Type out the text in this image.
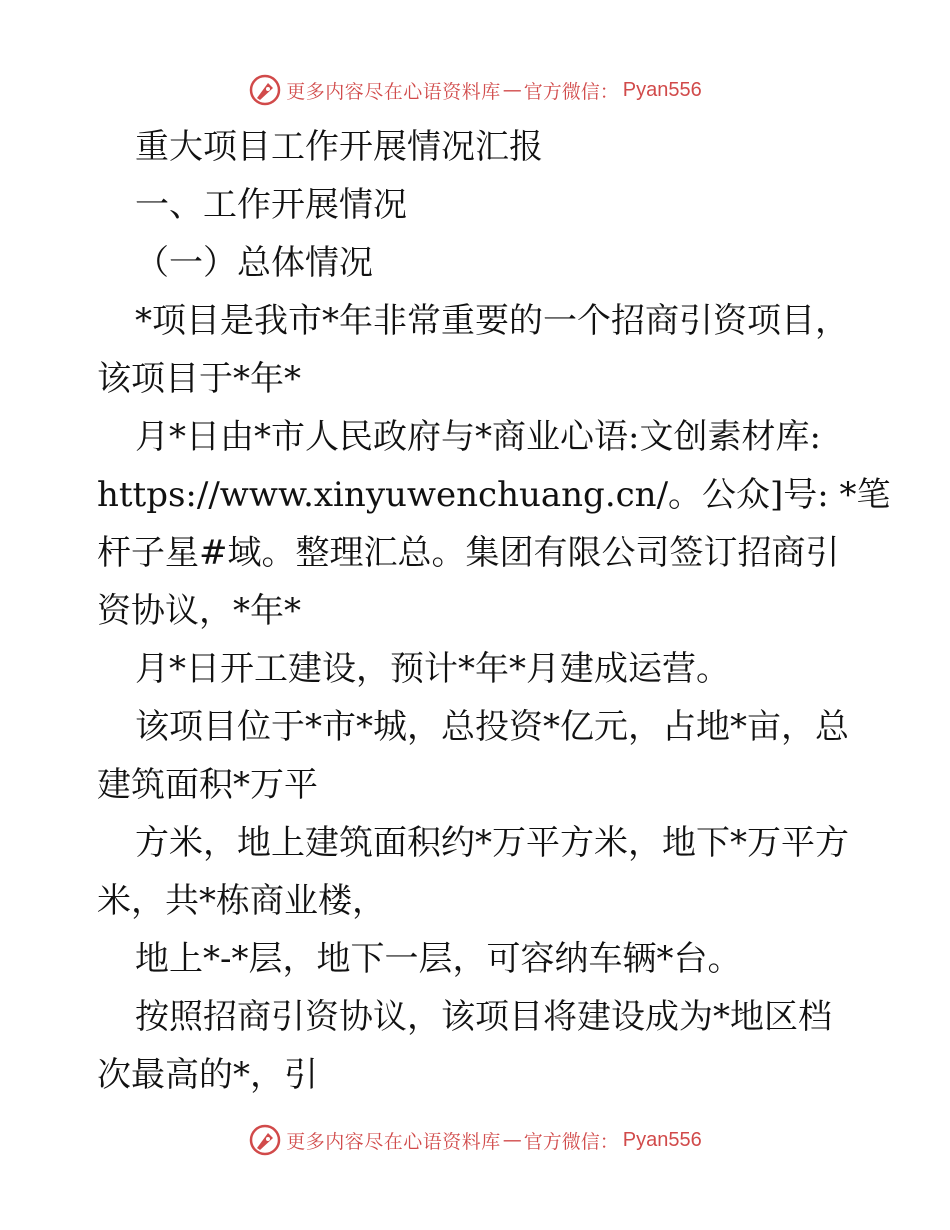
更多内容尽在心语资料库 — 官方微信： Pyan556
重大项目工作开展情况汇报
一、工作开展情况
（一）总体情况
*项目是我市*年非常重要的一个招商引资项目，
该项目于*年*
月*日由*市人民政府与*商业心语:文创素材库:
https://www.xinyuwenchuang.cn/。公众]号: *笔
杆子星#域。整理汇总。集团有限公司签订招商引
资协议，*年*
月*日开工建设，预计*年*月建成运营。
该项目位于*市*城，总投资*亿元，占地*亩，总
建筑面积*万平
方米，地上建筑面积约*万平方米，地下*万平方
米，共*栋商业楼，
地上*-*层，地下一层，可容纳车辆*台。
按照招商引资协议，该项目将建设成为*地区档
次最高的*，引
更多内容尽在心语资料库 — 官方微信： Pyan556
